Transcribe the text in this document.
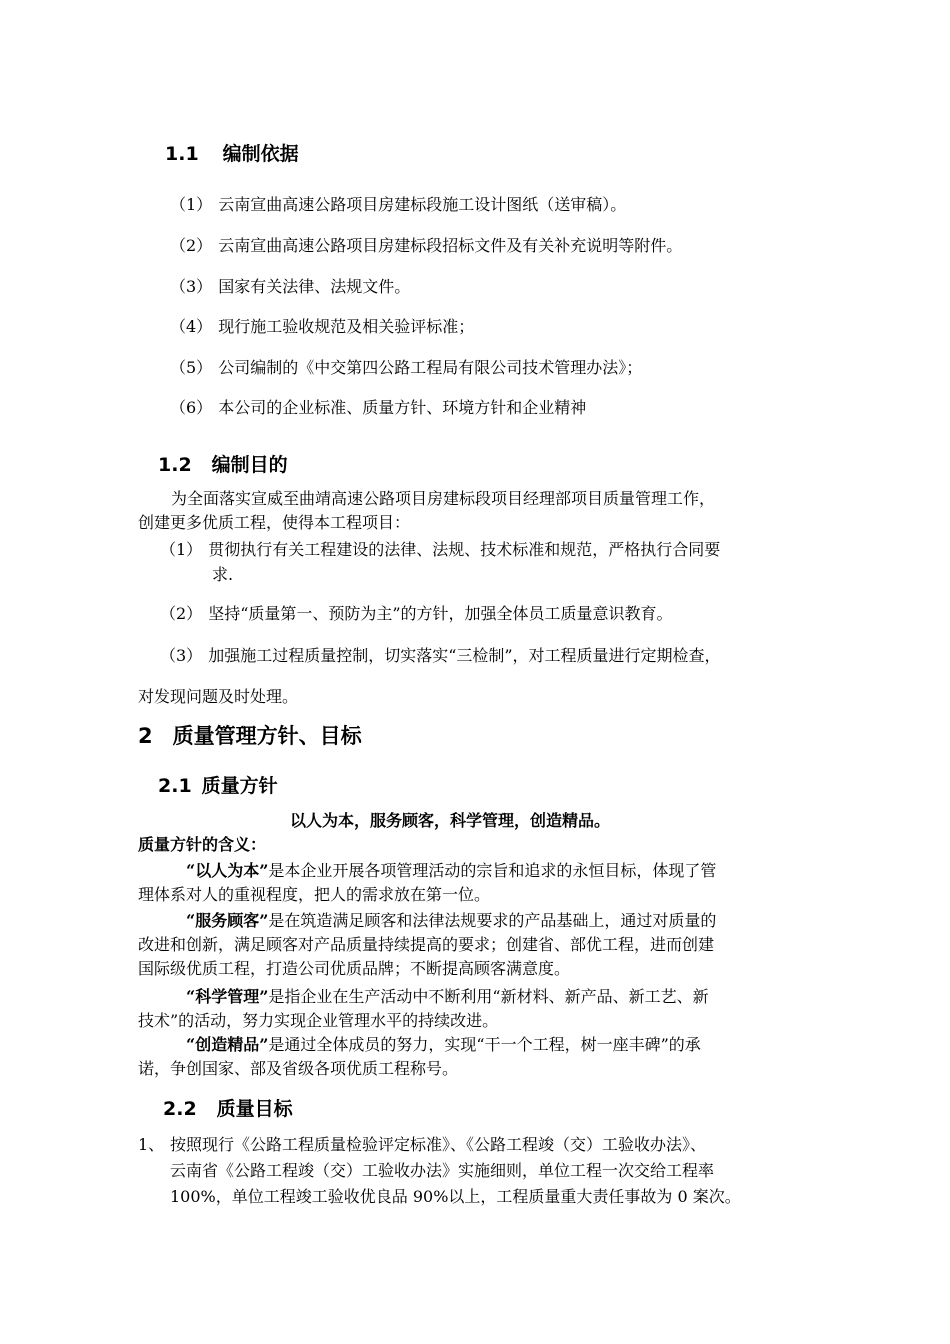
1.1 编制依据
（1） 云南宣曲高速公路项目房建标段施工设计图纸（送审稿）。
（2） 云南宣曲高速公路项目房建标段招标文件及有关补充说明等附件。
（3） 国家有关法律、法规文件。
（4） 现行施工验收规范及相关验评标准；
（5） 公司编制的《中交第四公路工程局有限公司技术管理办法》；
（6） 本公司的企业标准、质量方针、环境方针和企业精神
1.2 编制目的
为全面落实宣威至曲靖高速公路项目房建标段项目经理部项目质量管理工作，
创建更多优质工程，使得本工程项目：
（1） 贯彻执行有关工程建设的法律、法规、技术标准和规范，严格执行合同要
求.
（2） 坚持“质量第一、预防为主”的方针，加强全体员工质量意识教育。
（3） 加强施工过程质量控制，切实落实“三检制”，对工程质量进行定期检查，
对发现问题及时处理。
2 质量管理方针、目标
2.1 质量方针
以人为本，服务顾客，科学管理，创造精品。
质量方针的含义：
“以人为本”是本企业开展各项管理活动的宗旨和追求的永恒目标，体现了管
理体系对人的重视程度，把人的需求放在第一位。
“服务顾客”是在筑造满足顾客和法律法规要求的产品基础上，通过对质量的
改进和创新，满足顾客对产品质量持续提高的要求；创建省、部优工程，进而创建
国际级优质工程，打造公司优质品牌；不断提高顾客满意度。
“科学管理”是指企业在生产活动中不断利用“新材料、新产品、新工艺、新
技术”的活动，努力实现企业管理水平的持续改进。
“创造精品”是通过全体成员的努力，实现“干一个工程，树一座丰碑”的承
诺，争创国家、部及省级各项优质工程称号。
2.2 质量目标
1、 按照现行《公路工程质量检验评定标准》、《公路工程竣（交）工验收办法》、
云南省《公路工程竣（交）工验收办法》实施细则，单位工程一次交给工程率
100%，单位工程竣工验收优良品 90%以上，工程质量重大责任事故为 0 案次。
